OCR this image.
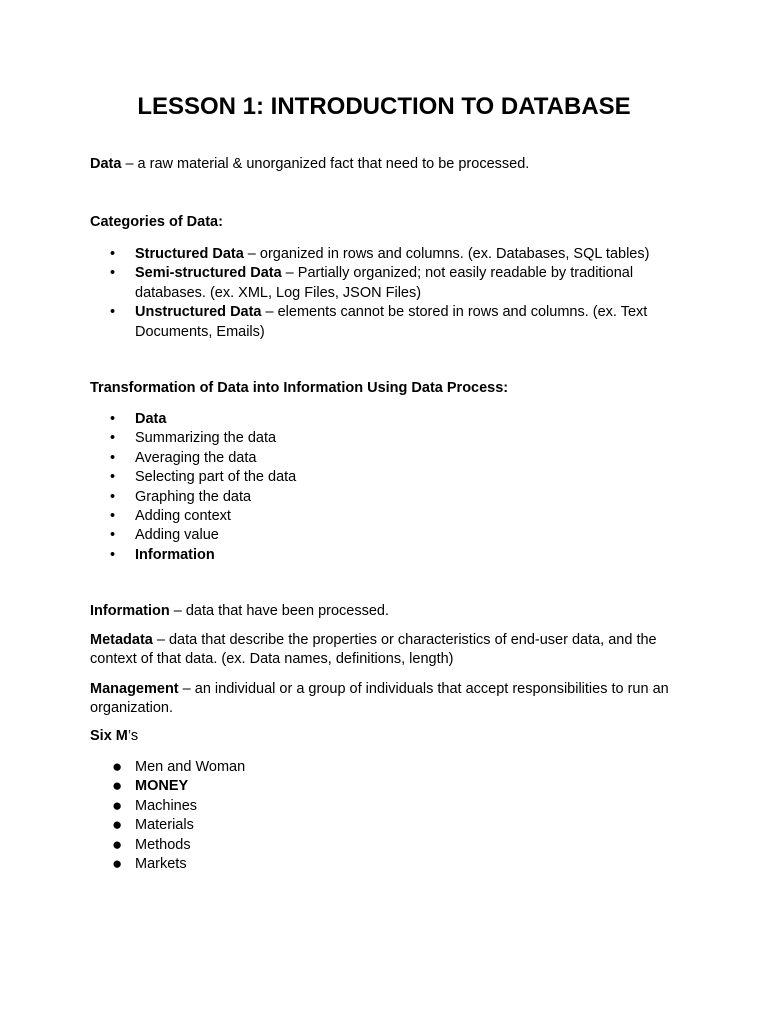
LESSON 1: INTRODUCTION TO DATABASE

Data – a raw material & unorganized fact that need to be processed.

Categories of Data:

• Structured Data – organized in rows and columns. (ex. Databases, SQL tables)
• Semi-structured Data – Partially organized; not easily readable by traditional databases. (ex. XML, Log Files, JSON Files)
• Unstructured Data – elements cannot be stored in rows and columns. (ex. Text Documents, Emails)

Transformation of Data into Information Using Data Process:

• Data
• Summarizing the data
• Averaging the data
• Selecting part of the data
• Graphing the data
• Adding context
• Adding value
• Information

Information – data that have been processed.

Metadata – data that describe the properties or characteristics of end-user data, and the context of that data. (ex. Data names, definitions, length)

Management – an individual or a group of individuals that accept responsibilities to run an organization.

Six M’s

● Men and Woman
● MONEY
● Machines
● Materials
● Methods
● Markets
